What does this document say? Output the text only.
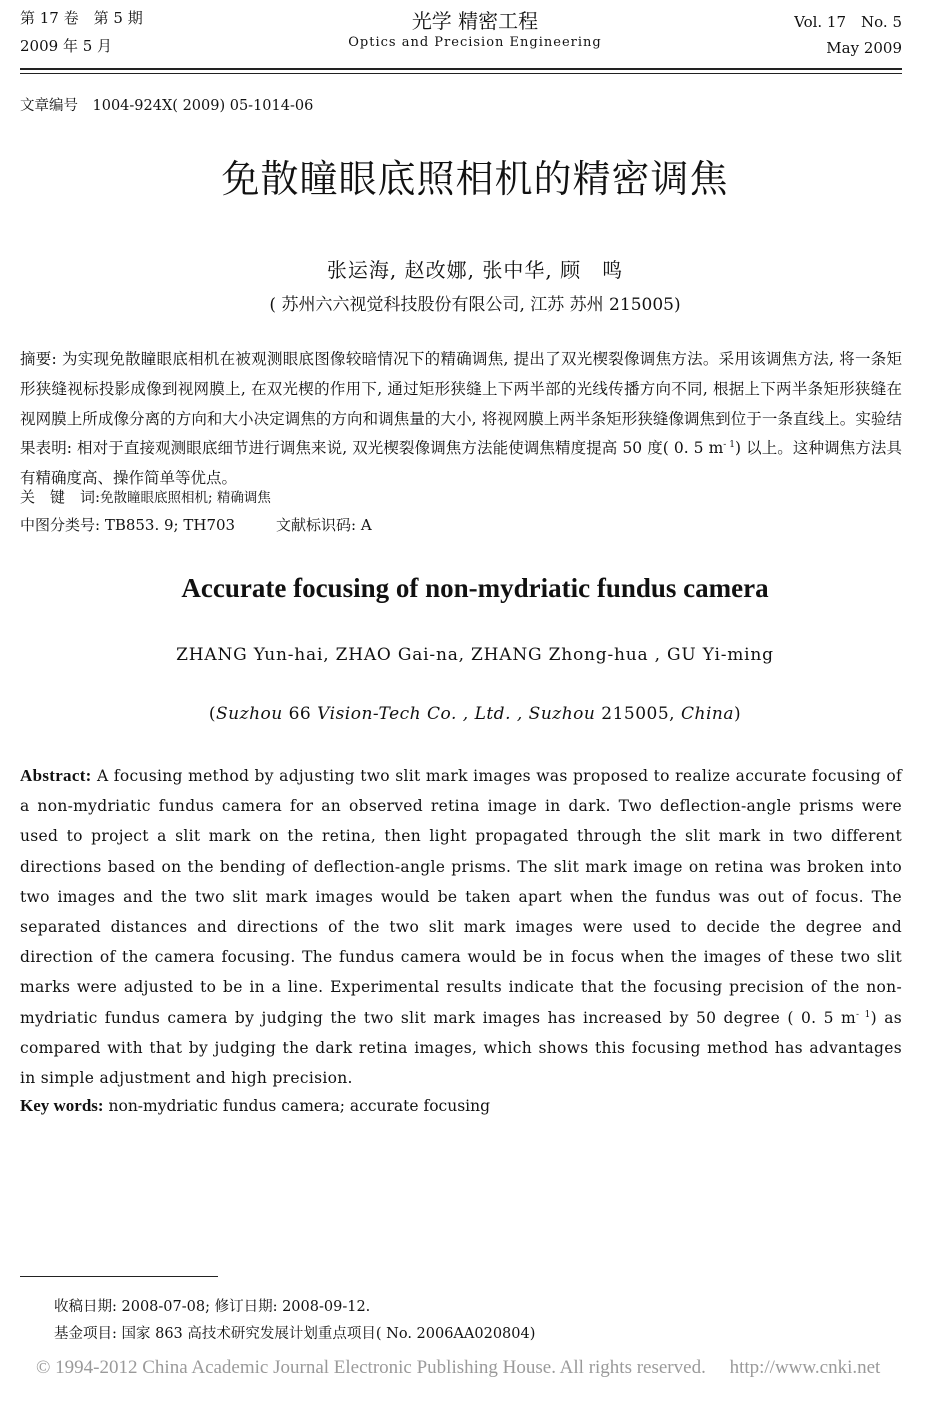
第 17 卷　第 5 期
2009 年 5 月
光学 精密工程
Optics and Precision Engineering
Vol. 17　No. 5
May 2009
文章编号　1004-924X( 2009) 05-1014-06
免散瞳眼底照相机的精密调焦
张运海, 赵改娜, 张中华, 顾　鸣
( 苏州六六视觉科技股份有限公司, 江苏 苏州 215005)
摘要: 为实现免散瞳眼底相机在被观测眼底图像较暗情况下的精确调焦, 提出了双光楔裂像调焦方法。采用该调焦方法, 将一条矩形狭缝视标投影成像到视网膜上, 在双光楔的作用下, 通过矩形狭缝上下两半部的光线传播方向不同, 根据上下两半条矩形狭缝在视网膜上所成像分离的方向和大小决定调焦的方向和调焦量的大小, 将视网膜上两半条矩形狭缝像调焦到位于一条直线上。实验结果表明: 相对于直接观测眼底细节进行调焦来说, 双光楔裂像调焦方法能使调焦精度提高 50 度( 0. 5 $m^{- 1}$) 以上。这种调焦方法具有精确度高、操作简单等优点。
关　键　词:免散瞳眼底照相机; 精确调焦
中图分类号: TB853. 9; TH703	文献标识码: A
Accurate focusing of non-mydriatic fundus camera
ZHANG Yun-hai, ZHAO Gai-na, ZHANG Zhong-hua , GU Yi-ming
(Suzhou 66 Vision-Tech Co. , Ltd. , Suzhou 215005, China)
Abstract: A focusing method by adjusting two slit mark images was proposed to realize accurate focusing of a non-mydriatic fundus camera for an observed retina image in dark. Two deflection-angle prisms were used to project a slit mark on the retina, then light propagated through the slit mark in two different directions based on the bending of deflection-angle prisms. The slit mark image on retina was broken into two images and the two slit mark images would be taken apart when the fundus was out of focus. The separated distances and directions of the two slit mark images were used to decide the degree and direction of the camera focusing. The fundus camera would be in focus when the images of these two slit marks were adjusted to be in a line. Experimental results indicate that the focusing precision of the non-mydriatic fundus camera by judging the two slit mark images has increased by 50 degree ( 0. 5 $m^{- 1}$) as compared with that by judging the dark retina images, which shows this focusing method has advantages in simple adjustment and high precision.
Key words: non-mydriatic fundus camera; accurate focusing
收稿日期: 2008-07-08; 修订日期: 2008-09-12.
基金项目: 国家 863 高技术研究发展计划重点项目( No. 2006AA020804)
© 1994-2012 China Academic Journal Electronic Publishing House. All rights reserved.　 http://www.cnki.net
